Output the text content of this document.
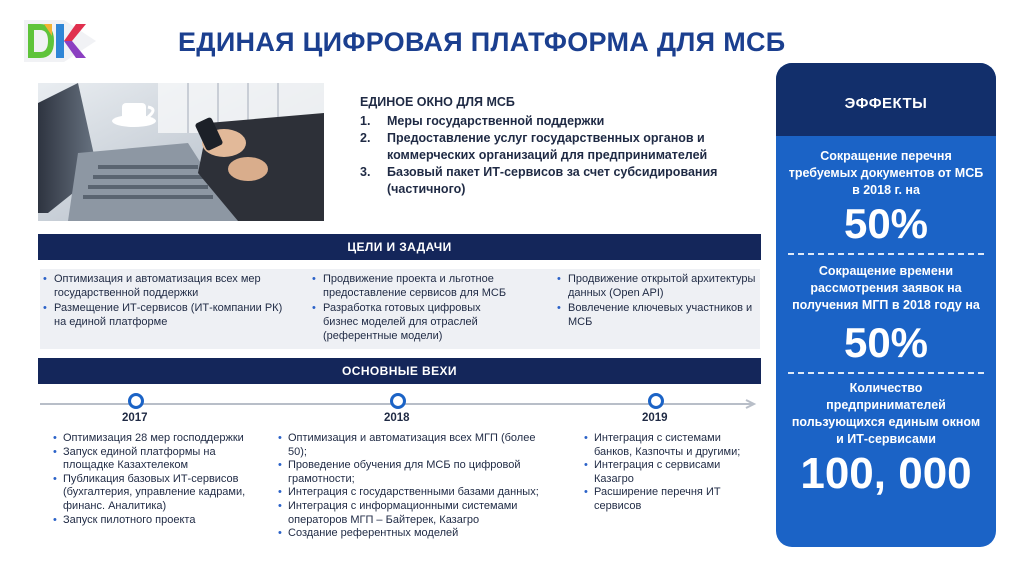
ЕДИНАЯ ЦИФРОВАЯ ПЛАТФОРМА ДЛЯ МСБ
ЕДИНОЕ ОКНО ДЛЯ МСБ
1.	Меры государственной поддержки
2.	Предоставление услуг государственных органов и коммерческих организаций для предпринимателей
3.	Базовый пакет ИТ-сервисов за счет субсидирования (частичного)
ЦЕЛИ И ЗАДАЧИ
• Оптимизация и автоматизация всех мер государственной поддержки
• Размещение ИТ-сервисов (ИТ-компании РК) на единой платформе
• Продвижение проекта и льготное предоставление сервисов для МСБ
• Разработка готовых цифровых бизнес моделей для отраслей (референтные модели)
• Продвижение открытой архитектуры данных (Open API)
• Вовлечение ключевых участников и МСБ
ОСНОВНЫЕ ВЕХИ
2017	2018	2019
• Оптимизация 28 мер господдержки
• Запуск единой платформы на площадке Казахтелеком
• Публикация базовых ИТ-сервисов (бухгалтерия, управление кадрами, финанс. Аналитика)
• Запуск пилотного проекта
• Оптимизация и автоматизация всех МГП (более 50);
• Проведение обучения для МСБ по цифровой грамотности;
• Интеграция с государственными базами данных;
• Интеграция с информационными системами операторов МГП – Байтерек, Казагро
• Создание референтных моделей
• Интеграция с системами банков, Казпочты и другими;
• Интеграция с сервисами Казагро
• Расширение перечня ИТ сервисов
ЭФФЕКТЫ
Сокращение перечня требуемых документов от МСБ в 2018 г. на
50%
Сокращение времени рассмотрения заявок на получения МГП в 2018 году на
50%
Количество предпринимателей пользующихся единым окном и ИТ-сервисами
100, 000
